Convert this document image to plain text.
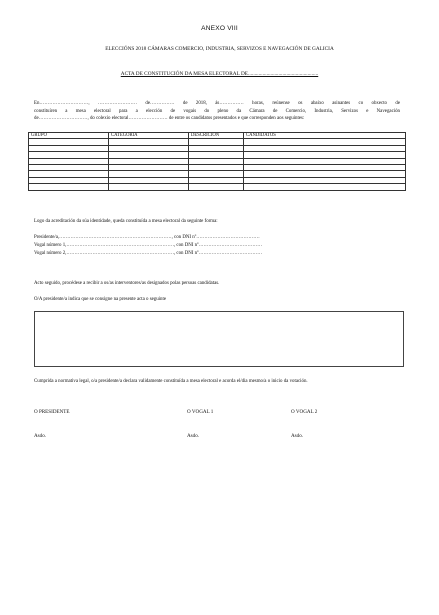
ANEXO VIII
ELECCIÓNS 2018 CÁMARAS COMERCIO, INDUSTRIA, SERVIZOS E NAVEGACIÓN DE GALICIA
ACTA DE CONSTITUCIÓN DA MESA ELECTORAL DE.....................................................
En…………………………, …………………… de…………… de 2018, ás…………… horas, reúnense os abaixo asinantes co obxecto de
constituíren a mesa electoral para a elección de vogais do pleno da Cámara de Comercio, Industria, Servizos e Navegación
de…………………………, do colexio electoral…………………… de entre os candidatos presentados e que corresponden aos seguintes:
GRUPO	CATEGORÍA	DESCRICIÓN	CANDIDATOS

Logo da acreditación da súa identidade, queda constituída a mesa electoral da seguinte forma:
Presidente/a,……………………………………………………………, con DNI nº…………………………………
Vogal número 1,…………………………………………………………, con DNI nº…………………………………
Vogal número 2,…………………………………………………………, con DNI nº…………………………………
Acto seguido, procédese a recibir a os/as interventores/as designados polas persoas candidatas.
O/A presidente/a indica que se consigne na presente acta o seguinte
Cumprida a normativa legal, o/a presidente/a declara validamente constituída a mesa electoral e acorda el/dia mesmo/a o inicio da votación.
O PRESIDENTE	O VOGAL 1	O VOGAL 2
Asdo.	Asdo.	Asdo.
